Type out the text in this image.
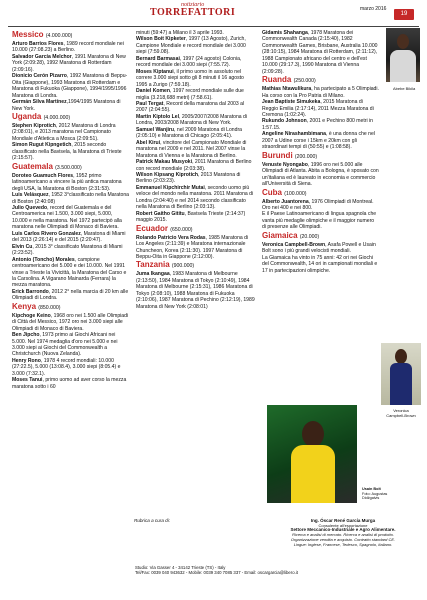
notiziario
TORREFATTORI	marzo 2016
19

Messico (4.000.000)

Arturo Barrios Flores, 1989 record mondiale nei 10.000 (27:08.23) a Berlino.

Salvador García Melchor, 1991 Maratona di New York (2:09:28), 1992 Maratona di Rotterdam (2:09:16).

Dionicio Cerón Pizarro, 1992 Maratona di Beppu-Oita (Giappone), 1993 Maratona di Rotterdam e Maratona di Fukuoka (Giappone), 1994/1995/1996 Maratona di Londra.

Germán Silva Martínez,1994/1995 Maratona di New York.

Uganda (4.000.000)

Stephen Kiprotich, 2012 Maratona di Londra (2:08:01), e 2013 maratona nel Campionato Mondiale d'Atletica a Mosca (2:09:51).

Simon Rugut Kipngetich, 2015 secondo classificato nella Bavisela, la Maratona di Trieste (2:15:57).

Guatemala (3.500.000)

Doroteo Guamuch Flores, 1952 primo latinoamericano a vincere la più antica maratona degli USA, la Maratona di Boston (2:31:53).

Luis Velásquez, 1952 3°classificato nella Maratona di Boston (2:40:08)

Julio Quevedo, record del Guatemala e del Centroamerica nei 1.500, 3.000 siepi, 5.000, 10.000 e nella maratona. Nel 1972 partecipò alla maratona nelle Olimpiadi di Monaco di Baviera.

Luis Carlos Rivero Gonzalez, Maratona di Miami del 2013 (2:26:14) e del 2015 (2:20:47).

Elvin Cu, 2015 3° classificato Maratona di Miami (2:23:52).

Antonio (Toncho) Morales, campione centroamericano dei 5.000 e dei 10.000. Nel 1991 vinse a Trieste la Vivicittà, la Maratona del Carso e la Carsolina. A Vigarano Mainarda (Ferrara) la mezza maratona.

Erick Barrondo, 2012 2° nella marcia di 20 km alle Olimpiadi di Londra.

Kenya (850.000)

Kipchoge Keino, 1968 oro nei 1.500 alle Olimpiadi di Città del Messico, 1972 oro nei 3.000 siepi alle Olimpiadi di Monaco di Baviera.

Ben Jipcho, 1973 primo ai Giochi Africani nei 5.000. Nel 1974 medaglia d'oro nei 5.000 e nei 3.000 siepi ai Giochi del Commonwealth a Christchurch (Nuova Zelanda).

Henry Rono, 1978 4 record mondiali: 10.000 (27:22.5), 5.000 (13:08.4), 3.000 siepi (8:05.4) e 3.000 (7:32.1).

Moses Tanui, primo uomo ad aver corso la mezza maratona sotto i 60

minuti (59:47) a Milano il 3 aprile 1993.

Wilson Boit Kipketer, 1997 (13 Agosto), Zurich, Campione Mondiale e record mondiale dei 3.000 siepi (7:59.08).

Bernard Barmasai, 1997 (24 agosto) Colonia, record mondiale dei 3.000 siepi (7:55.72).

Moses Kiptanui, il primo uomo in assoluto nel correre 3.000 siepi sotto gli 8 minuti il 16 agosto 1995 a Zurigo (7:59.18).

Daniel Komen, 1997 record mondiale sulle due miglia (3.218,688 metri) (7:58.61).

Paul Tergat, Record della maratona dal 2003 al 2007 (2:04:55).

Martin Kiptolo Lel, 2005/2007/2008 Maratona di Londra, 2003/2008 Maratona di New York.

Samuel Wanjiru, nel 2009 Maratona di Londra (2:05:10) e Maratona di Chicago (2:05:41).

Abel Kirui, vincitore del Campionato Mondiale di maratona nel 2009 e nel 2011. Nel 2007 vinse la Maratona di Vienna e la Maratona di Berlino.

Patrick Makau Musyoki, 2011 Maratona di Berlino con record mondiale (2:03:38).

Wilson Kipsang Kiprotich, 2013 Maratona di Berlino (2:03:23).

Emmanuel Kipchirchir Mutai, secondo uomo più veloce del mondo nella maratona. 2011 Maratona di Londra (2:04:40) e nel 2014 secondo classificato nella Maratona di Berlino (2:03:13).

Robert Gaitho Gititu, Bavisela Trieste (2:14:37) maggio 2015.

Ecuador (650.000)

Rolando Patricio Vera Rodas, 1985 Maratona di Los Angeles (2:11:39) e Maratona internazionale Chuncheon, Korea (2:11:30). 1997 Maratona di Beppu-Oita in Giappone (2:12:00).

Tanzania (900.000)

Juma Ikangaa, 1983 Maratona di Melbourne (2:13:50), 1984 Maratona di Tokyo (2:10:49), 1984 Maratona di Melbourne (2:15:31), 1986 Maratona di Tokyo (2:08:10), 1988 Maratona di Fukuoka (2:10:06), 1987 Maratona di Pechino (2:12:19), 1989 Maratona di New York (2:08:01)

Gidamis Shahanga, 1978 Maratona dei Commonwealth Canada (2:15:40), 1982 Commonwealth Games, Brisbane, Australia 10.000 (28:10:15), 1984 Maratona di Rotterdam, (2:11:12), 1988 Campionato africano del centro e dell'est 10.000 (29:17.3), 1990 Maratona di Vienna (2:09:28).

Ruanda (250.000)

Mathias Ntawulikura, ha partecipato a 5 Olimpiadi. Ha corso con la Pro Patria di Milano.

Jean Baptiste Simukeka, 2015 Maratona di Reggio Emilia (2:17:14), 2011 Mezza Maratona di Cremona (1:02:24).

Rukundo Johnson, 2001 e Pechino 800 metri in 1:57.15.

Angeline Nirashambimana, è una donna che nel 2007 a Udine corse i 15km e 20km con gli straordinari tempi di (50:55) e (1:08:58).

Burundi (200.000)

Venuste Nyongabo, 1996 oro nei 5.000 alle Olimpiadi di Atlanta. Abita a Bologna, è sposato con un'italiana ed è laureato in economia e commercio all'Università di Siena.

Cuba (100.000)

Alberto Juantorena, 1976 Olimpiadi di Montreal. Oro nei 400 e nei 800.

E il Paese Latinoamericano di lingua spagnola che vanta più medaglie olimpiche e il maggior numero di presenze alle Olimpiadi.

Giamaica (20.000)

Veronica Campbell-Brown, Asafa Powell e Usain Bolt sono i più grandi velocisti mondiali.

La Giamaica ha vinto in 75 anni: 42 ori nei Giochi del Commonwealth, 14 ori in campionati mondiali e 17 in partecipazioni olimpiche.

Abebe Bikila
Veronica
Campbell-Brown
Usain Bolt
Foto: Augustas
Didžgalvis
Rubrica a cura di:	Ing. Óscar René García Murga
Consulente all'esportazione
Settore Meccanico-Industriale e Agro Alimentare.
Ricerca e analisi di mercato. Ricerca e analisi di prodotto.
Organizzazione vendita e acquisto. Contratto standard CE.
Lingue: Inglese, Francese, Tedesco, Spagnolo, Italiano.
Studio: Via Gasser 4 - 34142 Trieste (TS) - Italy
Tel/Fax: 0039 040 943632 - Mobile: 0039 340 7085 337 - Email: oscargarcia@libero.it
